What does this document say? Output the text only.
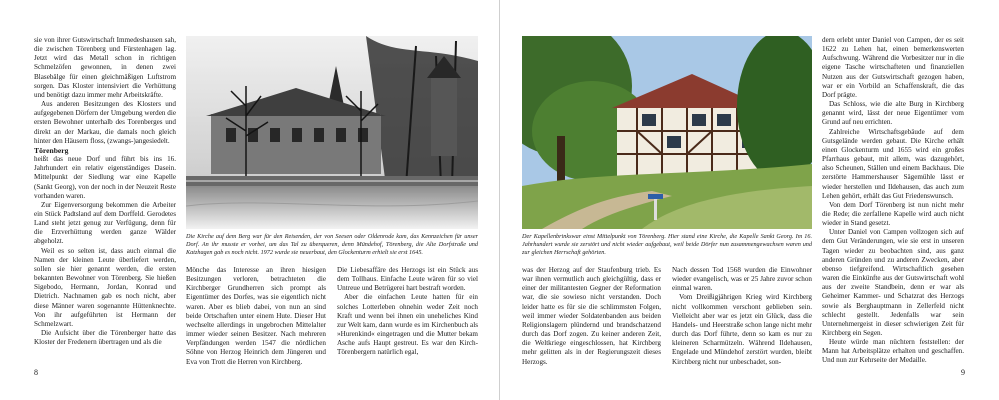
sie von ihrer Gutswirtschaft Immedeshausen sah, die zwischen Törenberg und Fürstenhagen lag. Jetzt wird das Metall schon in richtigen Schmelzöfen gewonnen, in denen zwei Blasebälge für einen gleichmäßigen Luftstrom sorgen. Das Kloster intensiviert die Verhüttung und benötigt dazu immer mehr Arbeitskräfte.

Aus anderen Besitzungen des Klosters und aufgegebenen Dörfern der Umgebung werden die ersten Bewohner unterhalb des Torenberges und direkt an der Markau, die damals noch gleich hinter den Häusern floss, (zwangs-)angesiedelt.

Törenberg

heißt das neue Dorf und führt bis ins 16. Jahrhundert ein relativ eigenständiges Dasein. Mittelpunkt der Siedlung war eine Kapelle (Sankt Georg), von der noch in der Neuzeit Reste vorhanden waren.

Zur Eigenversorgung bekommen die Arbeiter ein Stück Padtsland auf dem Dorffeld. Gerodetes Land steht jetzt genug zur Verfügung, denn für die Erzverhüttung werden ganze Wälder abgeholzt.

Weil es so selten ist, dass auch einmal die Namen der kleinen Leute überliefert werden, sollen sie hier genannt werden, die ersten bekannten Bewohner von Törenberg. Sie hießen Sigebodo, Hermann, Jordan, Konrad und Dietrich. Nachnamen gab es noch nicht, aber diese Männer waren sogenannte Hüttenknechte. Von ihr aufgeführten ist Hermann der Schmelzwart.

Die Aufsicht über die Törenberger hatte das Kloster der Fredenern übertragen und als die

Die Kirche auf dem Berg war für den Reisenden, der von Seesen oder Oldenrode kam, das Kennzeichen für unser Dorf. An ihr musste er vorbei, um das Tal zu überqueren, denn Mündehof, Törenberg, die Alte Dorfstraße und Katzhagen gab es noch nicht. 1972 wurde sie neuerbaut, den Glockenturm erhielt sie erst 1645.

Mönche das Interesse an ihren hiesigen Besitzungen verloren, betrachteten die Kirchberger Grundherren sich prompt als Eigentümer des Dorfes, was sie eigentlich nicht waren. Aber es blieb dabei, von nun an sind beide Ortschaften unter einem Hute. Dieser Hut wechselte allerdings in ungebrochen Mittelalter immer wieder seinen Besitzer. Nach mehreren Verpfändungen werden 1547 die nördlichen Söhne von Herzog Heinrich dem Jüngeren und Eva von Trott die Herren von Kirchberg.

Die Liebesaffäre des Herzogs ist ein Stück aus dem Tollhaus. Einfache Leute wären für so viel Untreue und Betrügerei hart bestraft worden.

Aber die einfachen Leute hatten für ein solches Lotterleben ohnehin weder Zeit noch Kraft und wenn bei ihnen ein uneheliches Kind zur Welt kam, dann wurde es im Kirchenbuch als »Hurenkind« eingetragen und die Mutter bekam Asche aufs Haupt gestreut. Es war den Kirch-Törenbergern natürlich egal,

8

Der Kapellenbrinkswar einst Mittelpunkt von Törenberg. Hier stand eine Kirche, die Kapelle Sankt Georg. Im 16. Jahrhundert wurde sie zerstört und nicht wieder aufgebaut, weil beide Dörfer nun zusammengewachsen waren und zur gleichen Herrschaft gehörten.

was der Herzog auf der Staufenburg trieb. Es war ihnen vermutlich auch gleichgültig, dass er einer der militantesten Gegner der Reformation war, die sie sowieso nicht verstanden. Doch leider hatte es für sie die schlimmsten Folgen, weil immer wieder Soldatenbanden aus beiden Religionslagern plündernd und brandschatzend durch das Dorf zogen. Zu keiner anderen Zeit, die Weltkriege eingeschlossen, hat Kirchberg mehr gelitten als in der Regierungszeit dieses Herzogs.

Nach dessen Tod 1568 wurden die Einwohner wieder evangelisch, was er 25 Jahre zuvor schon einmal waren.

Vom Dreißigjährigen Krieg wird Kirchberg nicht vollkommen verschont geblieben sein. Vielleicht aber war es jetzt ein Glück, dass die Handels- und Heerstraße schon lange nicht mehr durch das Dorf führte, denn so kam es nur zu kleineren Scharmützeln. Während Ildehausen, Engelade und Mündehof zerstört wurden, bleibt Kirchberg nicht nur unbeschadet, son-

dern erlebt unter Daniel von Campen, der es seit 1622 zu Lehen hat, einen bemerkenswerten Aufschwung. Während die Vorbesitzer nur in die eigene Tasche wirtschafteten und finanziellen Nutzen aus der Gutswirtschaft gezogen haben, war er ein Vorbild an Schaffenskraft, die das Dorf prägte.

Das Schloss, wie die alte Burg in Kirchberg genannt wird, lässt der neue Eigentümer vom Grund auf neu errichten.

Zahlreiche Wirtschaftsgebäude auf dem Gutsgelände werden gebaut. Die Kirche erhält einen Glockenturm und 1655 wird ein großes Pfarrhaus gebaut, mit allem, was dazugehört, also Scheunen, Ställen und einem Backhaus. Die zerstörte Hammershauser Sägemühle lässt er wieder herstellen und Ildehausen, das auch zum Lehen gehört, erhält das Gut Friedenswunsch.

Von dem Dorf Törenberg ist nun nicht mehr die Rede; die zerfallene Kapelle wird auch nicht wieder in Stand gesetzt.

Unter Daniel von Campen vollzogen sich auf dem Gut Veränderungen, wie sie erst in unseren Tagen wieder zu beobachten sind, aus ganz anderen Gründen und zu anderen Zwecken, aber ebenso tiefgreifend. Wirtschaftlich gesehen waren die Einkünfte aus der Gutswirtschaft wohl aus der zweite Standbein, denn er war als Geheimer Kammer- und Schatzrat des Herzogs sowie als Berghauptmann in Zellerfeld nicht schlecht gestellt. Jedenfalls war sein Unternehmergeist in dieser schwierigen Zeit für Kirchberg ein Segen.

Heute würde man nüchtern feststellen: der Mann hat Arbeitsplätze erhalten und geschaffen. Und nun zur Kehrseite der Medaille.

9
